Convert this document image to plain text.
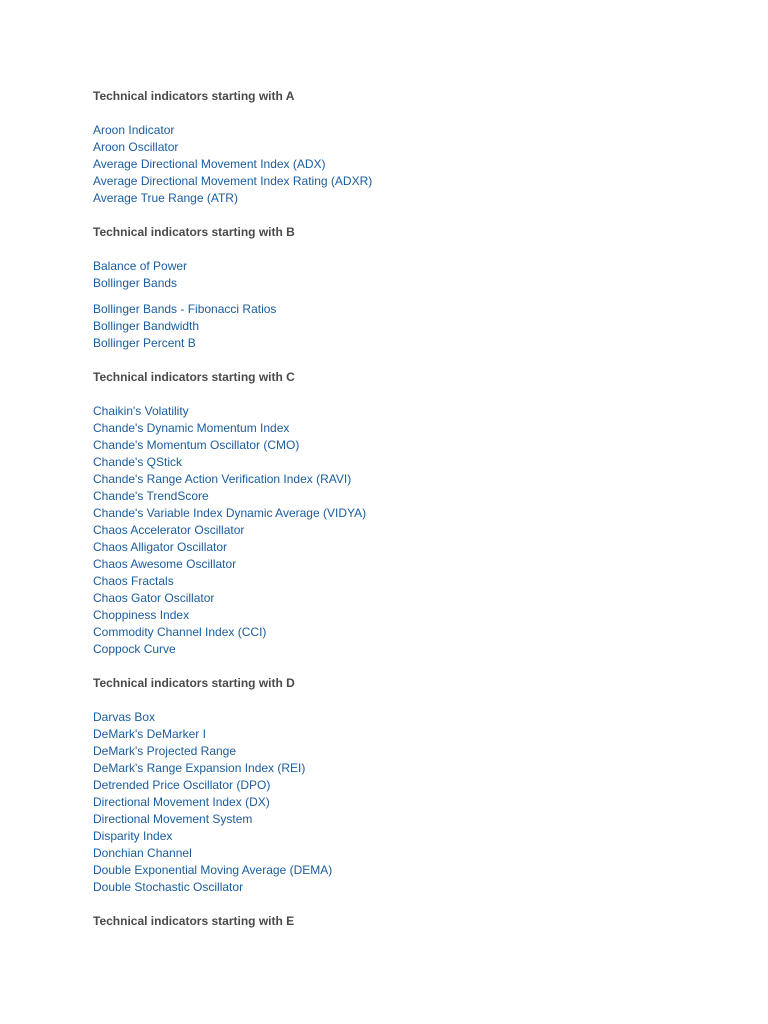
Technical indicators starting with A
Aroon Indicator
Aroon Oscillator
Average Directional Movement Index (ADX)
Average Directional Movement Index Rating (ADXR)
Average True Range (ATR)
Technical indicators starting with B
Balance of Power
Bollinger Bands
Bollinger Bands - Fibonacci Ratios
Bollinger Bandwidth
Bollinger Percent B
Technical indicators starting with C
Chaikin's Volatility
Chande's Dynamic Momentum Index
Chande's Momentum Oscillator (CMO)
Chande's QStick
Chande's Range Action Verification Index (RAVI)
Chande's TrendScore
Chande's Variable Index Dynamic Average (VIDYA)
Chaos Accelerator Oscillator
Chaos Alligator Oscillator
Chaos Awesome Oscillator
Chaos Fractals
Chaos Gator Oscillator
Choppiness Index
Commodity Channel Index (CCI)
Coppock Curve
Technical indicators starting with D
Darvas Box
DeMark's DeMarker I
DeMark's Projected Range
DeMark's Range Expansion Index (REI)
Detrended Price Oscillator (DPO)
Directional Movement Index (DX)
Directional Movement System
Disparity Index
Donchian Channel
Double Exponential Moving Average (DEMA)
Double Stochastic Oscillator
Technical indicators starting with E
